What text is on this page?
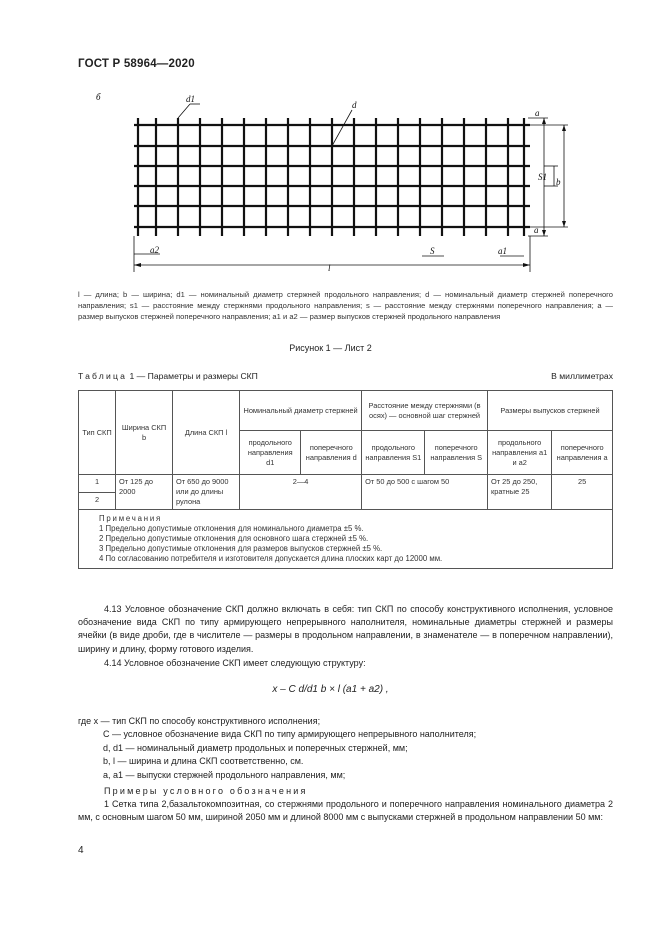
ГОСТ Р 58964—2020
б	d1
d
a
S1 b
a
a2	S	a1
l
l — длина; b — ширина; d1 — номинальный диаметр стержней продольного направления; d — номинальный диаметр стержней поперечного направления; s1 — расстояние между стержнями продольного направления; s — расстояние между стержнями поперечного направления; a — размер выпусков стержней поперечного направления; a1 и a2 — размер выпусков стержней продольного направления
Рисунок 1 — Лист 2
Таблица 1 — Параметры и размеры СКП	В миллиметрах
Тип СКП	Ширина СКП b	Длина СКП l	Номинальный диаметр стержней		Расстояние между стержнями (в осях) — основной шаг стержней		Размеры выпусков стержней	
			продольного направления d1	поперечного направления d	продольного направления S1	поперечного направления S	продольного направления a1 и a2	поперечного направления a
1	От 125 до 2000	От 650 до 9000 или до длины рулона	2—4		От 50 до 500 с шагом 50		От 25 до 250, кратные 25	25
2								

Примечания
1 Предельно допустимые отклонения для номинального диаметра ±5 %.
2 Предельно допустимые отклонения для основного шага стержней ±5 %.
3 Предельно допустимые отклонения для размеров выпусков стержней ±5 %.
4 По согласованию потребителя и изготовителя допускается длина плоских карт до 12000 мм.								

4.13 Условное обозначение СКП должно включать в себя: тип СКП по способу конструктивного исполнения, условное обозначение вида СКП по типу армирующего непрерывного наполнителя, номинальные диаметры стержней и размеры ячейки (в виде дроби, где в числителе — размеры в продольном направлении, в знаменателе — в поперечном направлении), ширину и длину, форму готового изделия.

4.14 Условное обозначение СКП имеет следующую структуру:

x – C d/d1 b × l (a1 + a2) ,

где x — тип СКП по способу конструктивного исполнения;

C — условное обозначение вида СКП по типу армирующего непрерывного наполнителя;

d, d1 — номинальный диаметр продольных и поперечных стержней, мм;

b, l — ширина и длина СКП соответственно, см.

a, a1 — выпуски стержней продольного направления, мм;

Примеры условного обозначения

1 Сетка типа 2,базальтокомпозитная, со стержнями продольного и поперечного направления номинального диаметра 2 мм, с основным шагом 50 мм, шириной 2050 мм и длиной 8000 мм с выпусками стержней в продольном направлении 50 мм:

4
